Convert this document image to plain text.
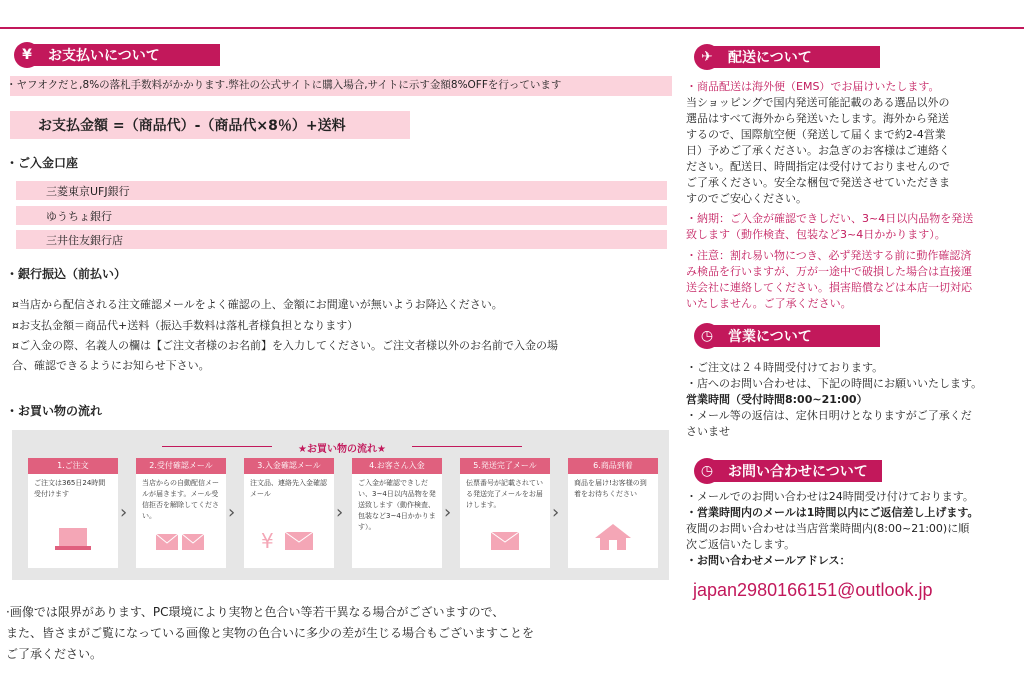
¥	お支払いについて
・ヤフオクだと,8%の落札手数料がかかります.弊社の公式サイトに購入場合,サイトに示す金額8%OFFを行っています
お支払金額 =（商品代）-（商品代×8％）+送料
・ご入金口座
三菱東京UFJ銀行
ゆうちょ銀行
三井住友銀行店
・銀行振込（前払い）
¤当店から配信される注文確認メールをよく確認の上、金額にお間違いが無いようお降込ください。
¤お支払金額＝商品代+送料（振込手数料は落札者様負担となります）
¤ご入金の際、名義人の欄は【ご注文者様のお名前】を入力してください。ご注文者様以外のお名前で入金の場
合、確認できるようにお知らせ下さい。
・お買い物の流れ
★お買い物の流れ★
1.ご注文
ご注文は365日24時間受付けます
›
2.受付確認メール
当店からの自動配信メールが届きます。メール受信拒否を解除してください。	›
3.入金確認メール
注文品、連絡先入金確認メール
¥
›
4.お客さん入金
ご入金が確認できしだい、3~4日以内品物を発送致します（動作検査、包装など3~4日かかります）。
›
5.発送完了メール
伝票番号が記載されている発送完了メールをお届けします。	›
6.商品到着
商品を届け!お客様の到着をお待ちください
·画像では限界があります、PC環境により実物と色合い等若干異なる場合がございますので、
また、皆さまがご覧になっている画像と実物の色合いに多少の差が生じる場合もございますことを
ご了承ください。
✈	配送について
・商品配送は海外便（EMS）でお届けいたします。
当ショッピングで国内発送可能記載のある選品以外の
選品はすべて海外から発送いたします。海外から発送
するので、国際航空便（発送して届くまで約2-4営業
日）予めご了承ください。お急ぎのお客様はご連絡く
ださい。配送日、時間指定は受付けておりませんので
ご了承ください。安全な梱包で発送させていただきま
すのでご安心ください。
・納期：ご入金が確認できしだい、3~4日以内品物を発送
致します（動作検査、包装など3~4日かかります）。
・注意：割れ易い物につき、必ず発送する前に動作確認済
み検品を行いますが、万が一途中で破損した場合は直接運
送会社に連絡してください。損害賠償などは本店一切対応
いたしません。ご了承ください。
◷	営業について
・ご注文は２４時間受付けております。
・店へのお問い合わせは、下記の時間にお願いいたします。
営業時間（受付時間8:00~21:00）
・メール等の返信は、定休日明けとなりますがご了承くだ
さいませ
◷	お問い合わせについて
・メールでのお問い合わせは24時間受け付けております。
・営業時間内のメールは1時間以内にご返信差し上げます。
夜間のお問い合わせは当店営業時間内(8:00~21:00)に順
次ご返信いたします。
・お問い合わせメールアドレス：
japan2980166151@outlook.jp
